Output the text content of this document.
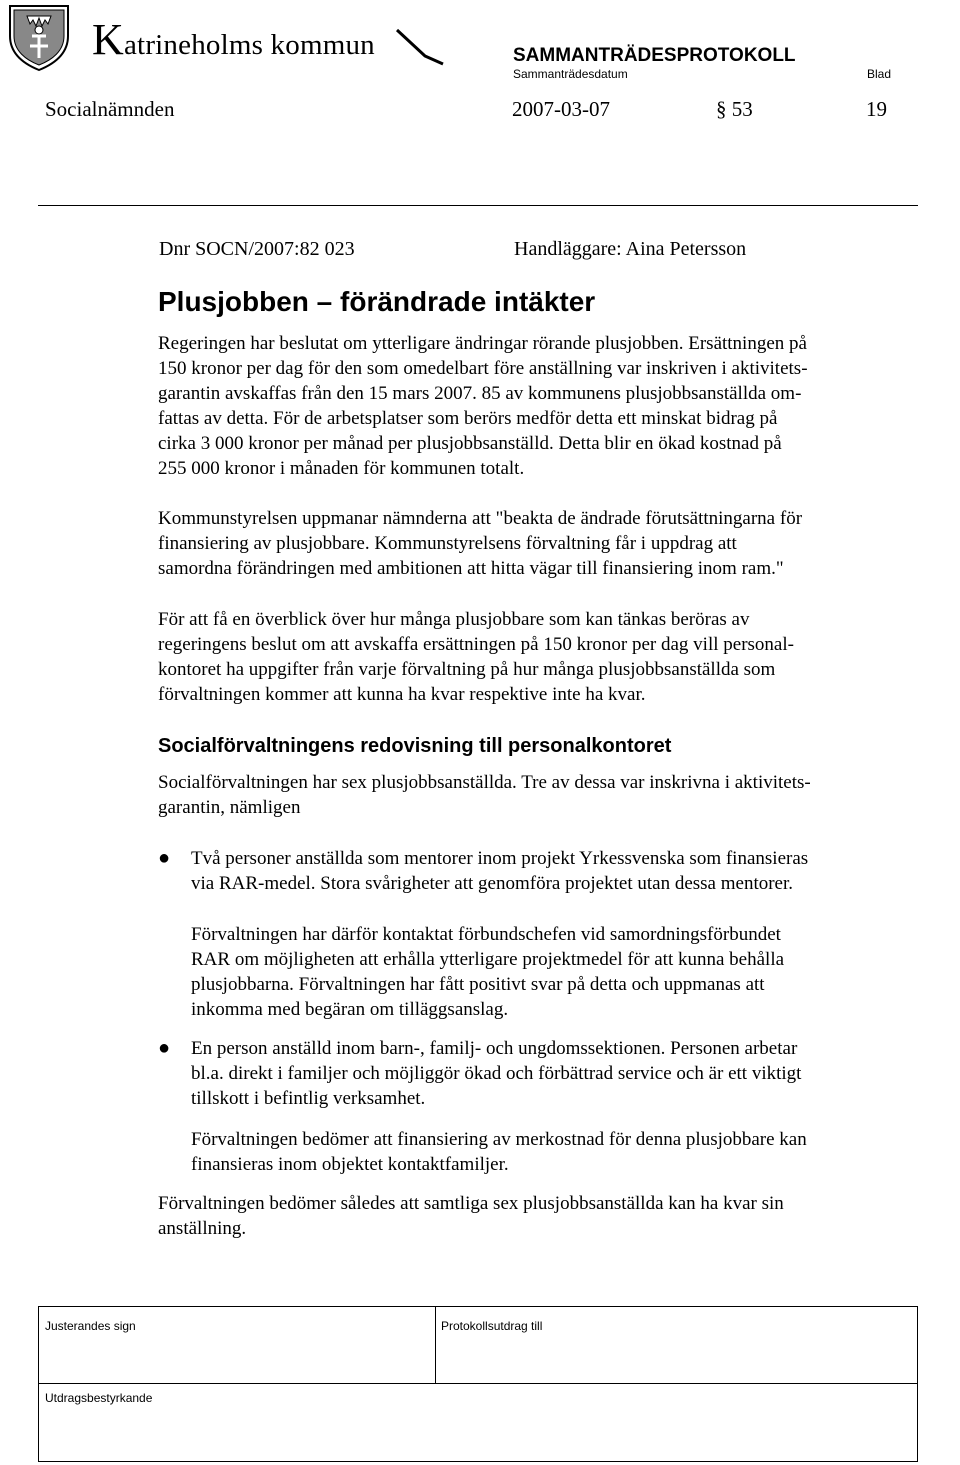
Katrineholms kommun	SAMMANTRÄDESPROTOKOLL
Sammanträdesdatum	Blad
Socialnämnden	2007-03-07	§ 53	19
Dnr SOCN/2007:82 023	Handläggare: Aina Petersson
Plusjobben – förändrade intäkter
Regeringen har beslutat om ytterligare ändringar rörande plusjobben. Ersättningen på
150 kronor per dag för den som omedelbart före anställning var inskriven i aktivitets-
garantin avskaffas från den 15 mars 2007. 85 av kommunens plusjobbsanställda om-
fattas av detta. För de arbetsplatser som berörs medför detta ett minskat bidrag på
cirka 3 000 kronor per månad per plusjobbsanställd. Detta blir en ökad kostnad på
255 000 kronor i månaden för kommunen totalt.
Kommunstyrelsen uppmanar nämnderna att "beakta de ändrade förutsättningarna för
finansiering av plusjobbare. Kommunstyrelsens förvaltning får i uppdrag att
samordna förändringen med ambitionen att hitta vägar till finansiering inom ram."
För att få en överblick över hur många plusjobbare som kan tänkas beröras av
regeringens beslut om att avskaffa ersättningen på 150 kronor per dag vill personal-
kontoret ha uppgifter från varje förvaltning på hur många plusjobbsanställda som
förvaltningen kommer att kunna ha kvar respektive inte ha kvar.
Socialförvaltningens redovisning till personalkontoret
Socialförvaltningen har sex plusjobbsanställda. Tre av dessa var inskrivna i aktivitets-
garantin, nämligen
● Två personer anställda som mentorer inom projekt Yrkessvenska som finansieras
via RAR-medel. Stora svårigheter att genomföra projektet utan dessa mentorer.
Förvaltningen har därför kontaktat förbundschefen vid samordningsförbundet
RAR om möjligheten att erhålla ytterligare projektmedel för att kunna behålla
plusjobbarna. Förvaltningen har fått positivt svar på detta och uppmanas att
inkomma med begäran om tilläggsanslag.
● En person anställd inom barn-, familj- och ungdomssektionen. Personen arbetar
bl.a. direkt i familjer och möjliggör ökad och förbättrad service och är ett viktigt
tillskott i befintlig verksamhet.
Förvaltningen bedömer att finansiering av merkostnad för denna plusjobbare kan
finansieras inom objektet kontaktfamiljer.
Förvaltningen bedömer således att samtliga sex plusjobbsanställda kan ha kvar sin
anställning.
Justerandes sign	Protokollsutdrag till
Utdragsbestyrkande
